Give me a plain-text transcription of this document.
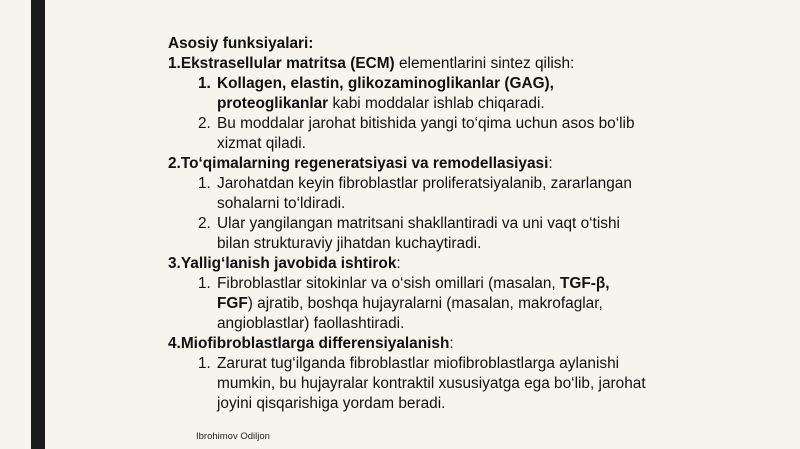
Asosiy funksiyalari:
1.Ekstrasellular matritsa (ECM) elementlarini sintez qilish:
1. Kollagen, elastin, glikozaminoglikanlar (GAG), proteoglikanlar kabi moddalar ishlab chiqaradi.
2. Bu moddalar jarohat bitishida yangi to‘qima uchun asos bo‘lib xizmat qiladi.
2.To‘qimalarning regeneratsiyasi va remodellasiyasi:
1. Jarohatdan keyin fibroblastlar proliferatsiyalanib, zararlangan sohalarni to‘ldiradi.
2. Ular yangilangan matritsani shakllantiradi va uni vaqt o‘tishi bilan strukturaviy jihatdan kuchaytiradi.
3.Yallig‘lanish javobida ishtirok:
1. Fibroblastlar sitokinlar va o‘sish omillari (masalan, TGF-β, FGF) ajratib, boshqa hujayralarni (masalan, makrofaglar, angioblastlar) faollashtiradi.
4.Miofibroblastlarga differensiyalanish:
1. Zarurat tug‘ilganda fibroblastlar miofibroblastlarga aylanishi mumkin, bu hujayralar kontraktil xususiyatga ega bo‘lib, jarohat joyini qisqarishiga yordam beradi.
Ibrohimov Odiljon
